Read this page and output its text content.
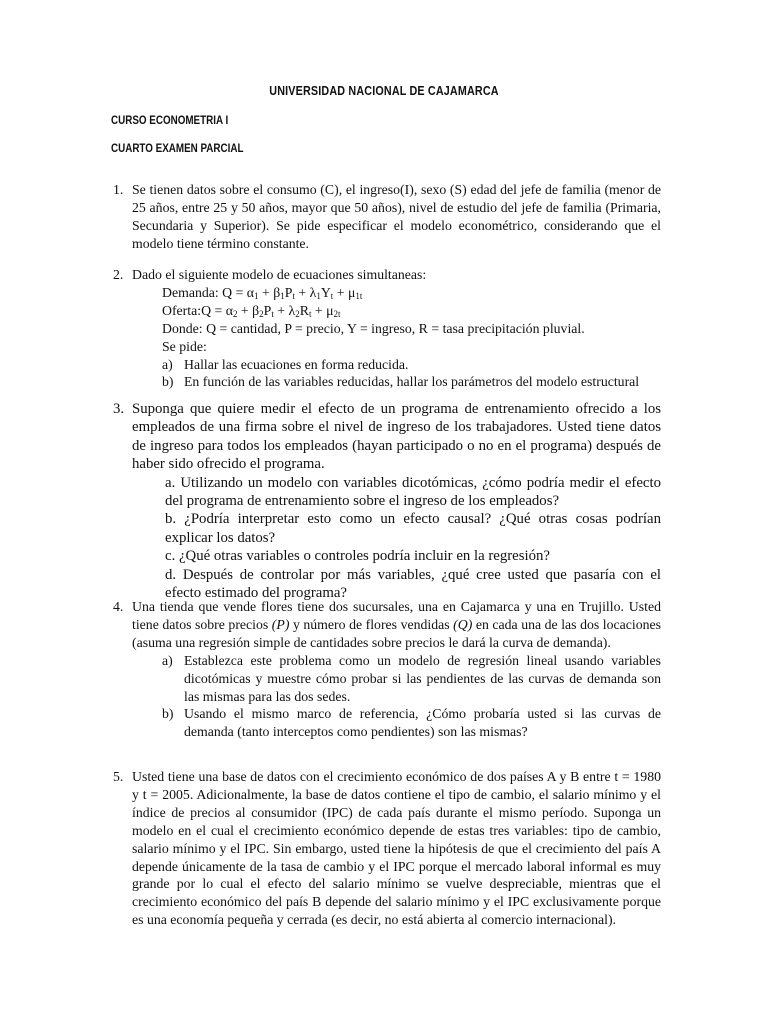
UNIVERSIDAD NACIONAL DE CAJAMARCA
CURSO ECONOMETRIA I
CUARTO EXAMEN PARCIAL
1. Se tienen datos sobre el consumo (C), el ingreso(I), sexo (S) edad del jefe de familia (menor de 25 años, entre 25 y 50 años, mayor que 50 años), nivel de estudio del jefe de familia (Primaria, Secundaria y Superior). Se pide especificar el modelo econométrico, considerando que el modelo tiene término constante.
2. Dado el siguiente modelo de ecuaciones simultaneas:
Demanda: $Q = \alpha_1 + \beta_1P_t + \lambda_1Y_t + \mu_{1t}$
Oferta:Q = $\alpha_2 + \beta_2P_t + \lambda_2R_t + \mu_{2t}$
Donde: Q = cantidad, P = precio, Y = ingreso, R = tasa precipitación pluvial.
Se pide:
a) Hallar las ecuaciones en forma reducida.
b) En función de las variables reducidas, hallar los parámetros del modelo estructural
3. Suponga que quiere medir el efecto de un programa de entrenamiento ofrecido a los empleados de una firma sobre el nivel de ingreso de los trabajadores. Usted tiene datos de ingreso para todos los empleados (hayan participado o no en el programa) después de haber sido ofrecido el programa.
a. Utilizando un modelo con variables dicotómicas, ¿cómo podría medir el efecto del programa de entrenamiento sobre el ingreso de los empleados?
b. ¿Podría interpretar esto como un efecto causal? ¿Qué otras cosas podrían explicar los datos?
c. ¿Qué otras variables o controles podría incluir en la regresión?
d. Después de controlar por más variables, ¿qué cree usted que pasaría con el efecto estimado del programa?
4. Una tienda que vende flores tiene dos sucursales, una en Cajamarca y una en Trujillo. Usted tiene datos sobre precios (P) y número de flores vendidas (Q) en cada una de las dos locaciones (asuma una regresión simple de cantidades sobre precios le dará la curva de demanda).
a) Establezca este problema como un modelo de regresión lineal usando variables dicotómicas y muestre cómo probar si las pendientes de las curvas de demanda son las mismas para las dos sedes.
b) Usando el mismo marco de referencia, ¿Cómo probaría usted si las curvas de demanda (tanto interceptos como pendientes) son las mismas?
5. Usted tiene una base de datos con el crecimiento económico de dos países A y B entre t = 1980 y t = 2005. Adicionalmente, la base de datos contiene el tipo de cambio, el salario mínimo y el índice de precios al consumidor (IPC) de cada país durante el mismo período. Suponga un modelo en el cual el crecimiento económico depende de estas tres variables: tipo de cambio, salario mínimo y el IPC. Sin embargo, usted tiene la hipótesis de que el crecimiento del país A depende únicamente de la tasa de cambio y el IPC porque el mercado laboral informal es muy grande por lo cual el efecto del salario mínimo se vuelve despreciable, mientras que el crecimiento económico del país B depende del salario mínimo y el IPC exclusivamente porque es una economía pequeña y cerrada (es decir, no está abierta al comercio internacional).
